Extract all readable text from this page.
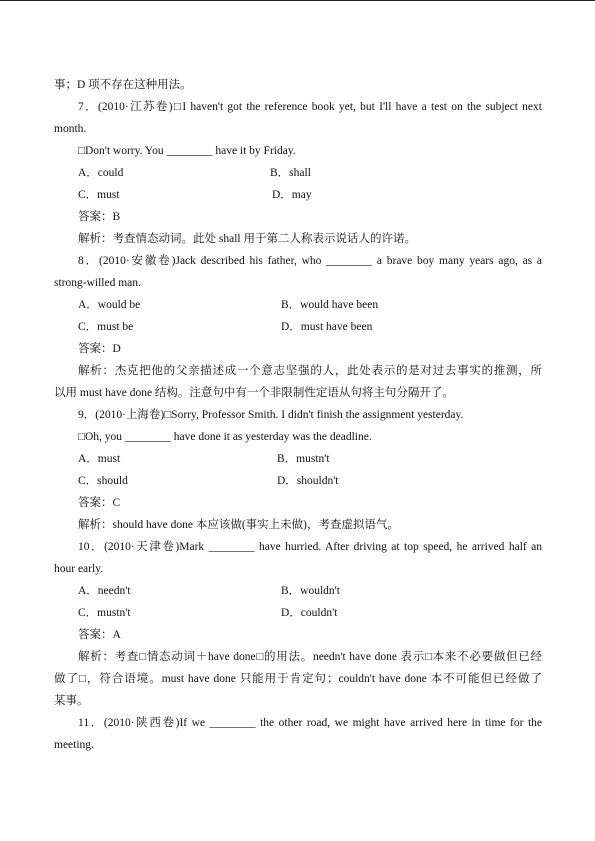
事；D 项不存在这种用法。
7．(2010·江苏卷)□I haven't got the reference book yet, but I'll have a test on the subject next
month.
□Don't worry. You ________ have it by Friday.
A．could	B．shall
C．must	D．may
答案：B
解析：考查情态动词。此处 shall 用于第二人称表示说话人的许诺。
8．(2010·安徽卷)Jack described his father, who ________ a brave boy many years ago, as a
strong-willed man.
A．would be	B．would have been
C．must be	D．must have been
答案：D
解析：杰克把他的父亲描述成一个意志坚强的人，此处表示的是对过去事实的推测，所
以用 must have done 结构。注意句中有一个非限制性定语从句将主句分隔开了。
9．(2010·上海卷)□Sorry, Professor Smith. I didn't finish the assignment yesterday.
□Oh, you ________ have done it as yesterday was the deadline.
A．must	B．mustn't
C．should	D．shouldn't
答案：C
解析：should have done 本应该做(事实上未做)，考查虚拟语气。
10．(2010·天津卷)Mark ________ have hurried. After driving at top speed, he arrived half an
hour early.
A．needn't	B．wouldn't
C．mustn't	D．couldn't
答案：A
解析：考查□情态动词＋have done□的用法。needn't have done 表示□本来不必要做但已经
做了□，符合语境。must have done 只能用于肯定句；couldn't have done 本不可能但已经做了
某事。
11．(2010·陕西卷)If we ________ the other road, we might have arrived here in time for the
meeting.
